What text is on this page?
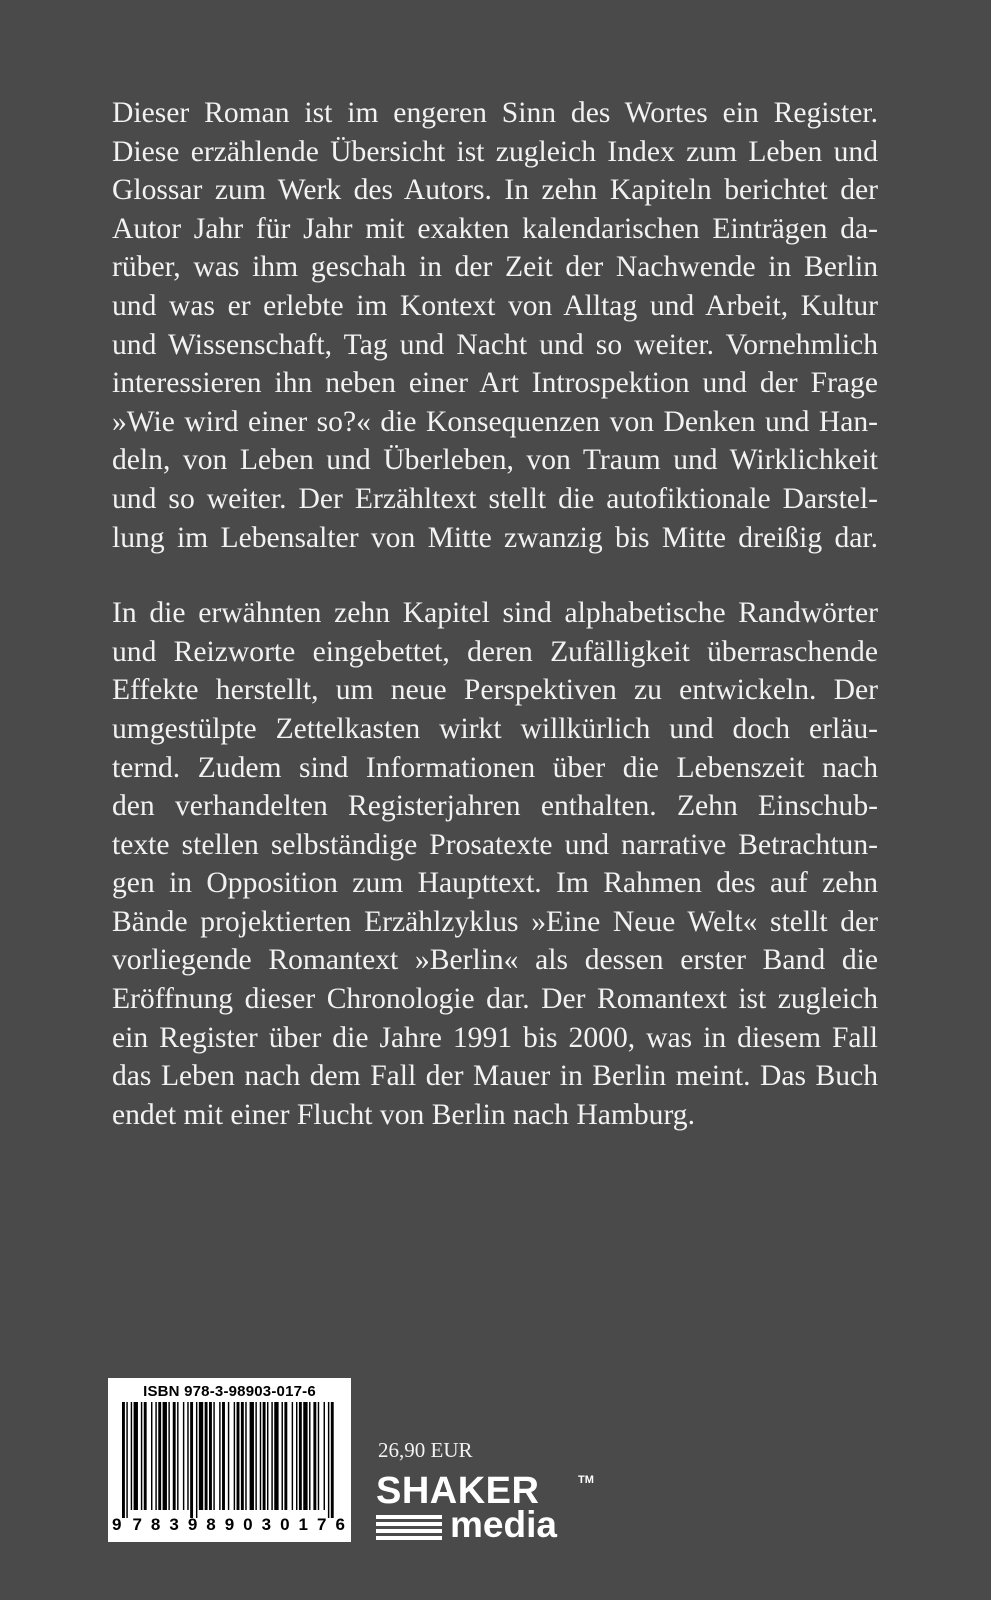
Dieser Roman ist im engeren Sinn des Wortes ein Register.
Diese erzählende Übersicht ist zugleich Index zum Leben und
Glossar zum Werk des Autors. In zehn Kapiteln berichtet der
Autor Jahr für Jahr mit exakten kalendarischen Einträgen da-
rüber, was ihm geschah in der Zeit der Nachwende in Berlin
und was er erlebte im Kontext von Alltag und Arbeit, Kultur
und Wissenschaft, Tag und Nacht und so weiter. Vornehmlich
interessieren ihn neben einer Art Introspektion und der Frage
»Wie wird einer so?« die Konsequenzen von Denken und Han-
deln, von Leben und Überleben, von Traum und Wirklichkeit
und so weiter. Der Erzähltext stellt die autofiktionale Darstel-
lung im Lebensalter von Mitte zwanzig bis Mitte dreißig dar.
In die erwähnten zehn Kapitel sind alphabetische Randwörter
und Reizworte eingebettet, deren Zufälligkeit überraschende
Effekte herstellt, um neue Perspektiven zu entwickeln. Der
umgestülpte Zettelkasten wirkt willkürlich und doch erläu-
ternd. Zudem sind Informationen über die Lebenszeit nach
den verhandelten Registerjahren enthalten. Zehn Einschub-
texte stellen selbständige Prosatexte und narrative Betrachtun-
gen in Opposition zum Haupttext. Im Rahmen des auf zehn
Bände projektierten Erzählzyklus »Eine Neue Welt« stellt der
vorliegende Romantext »Berlin« als dessen erster Band die
Eröffnung dieser Chronologie dar. Der Romantext ist zugleich
ein Register über die Jahre 1991 bis 2000, was in diesem Fall
das Leben nach dem Fall der Mauer in Berlin meint. Das Buch
endet mit einer Flucht von Berlin nach Hamburg.
ISBN 978-3-98903-017-6
9 7 8 3 9 8 9 0 3 0 1 7 6
26,90 EUR
SHAKER	TM
media
